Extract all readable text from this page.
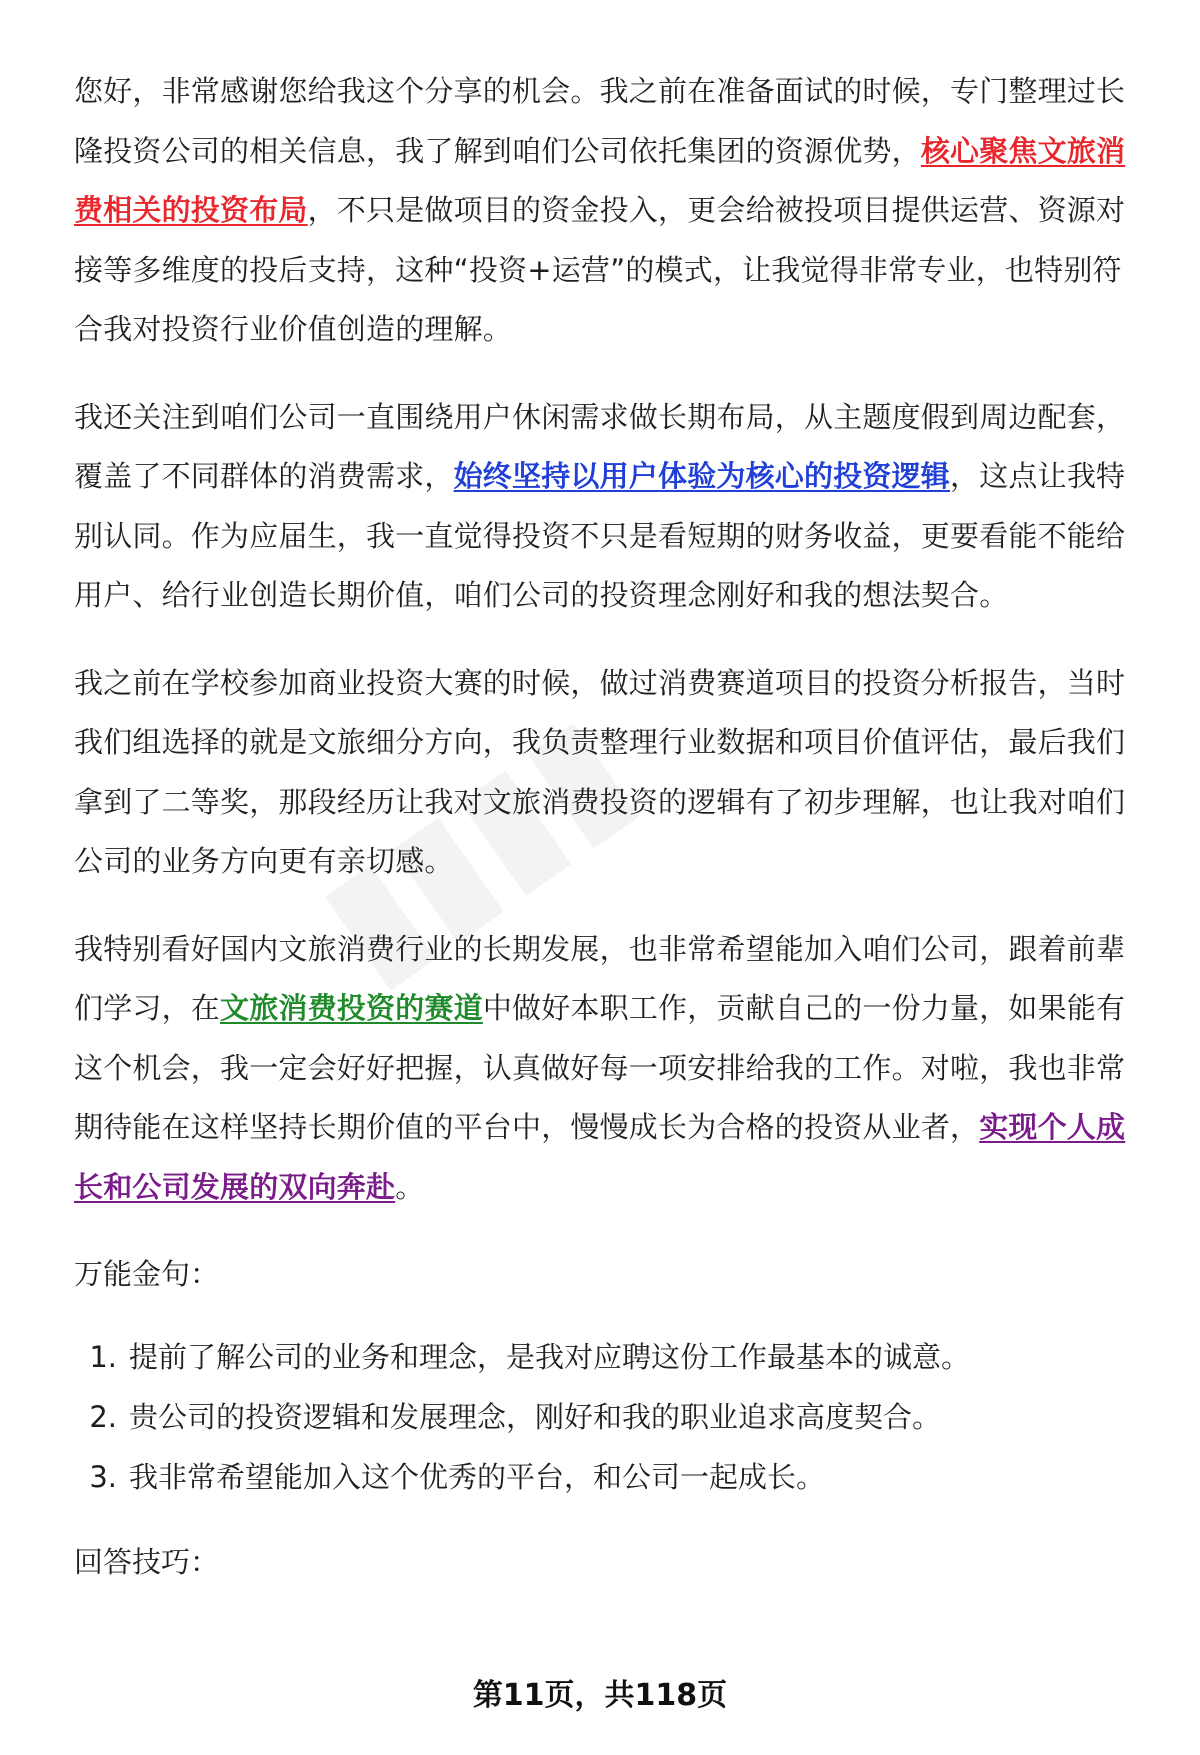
您好，非常感谢您给我这个分享的机会。我之前在准备面试的时候，专门整理过长隆投资公司的相关信息，我了解到咱们公司依托集团的资源优势，核心聚焦文旅消费相关的投资布局，不只是做项目的资金投入，更会给被投项目提供运营、资源对接等多维度的投后支持，这种“投资+运营”的模式，让我觉得非常专业，也特别符合我对投资行业价值创造的理解。

我还关注到咱们公司一直围绕用户休闲需求做长期布局，从主题度假到周边配套，覆盖了不同群体的消费需求，始终坚持以用户体验为核心的投资逻辑，这点让我特别认同。作为应届生，我一直觉得投资不只是看短期的财务收益，更要看能不能给用户、给行业创造长期价值，咱们公司的投资理念刚好和我的想法契合。

我之前在学校参加商业投资大赛的时候，做过消费赛道项目的投资分析报告，当时我们组选择的就是文旅细分方向，我负责整理行业数据和项目价值评估，最后我们拿到了二等奖，那段经历让我对文旅消费投资的逻辑有了初步理解，也让我对咱们公司的业务方向更有亲切感。

我特别看好国内文旅消费行业的长期发展，也非常希望能加入咱们公司，跟着前辈们学习，在文旅消费投资的赛道中做好本职工作，贡献自己的一份力量，如果能有这个机会，我一定会好好把握，认真做好每一项安排给我的工作。对啦，我也非常期待能在这样坚持长期价值的平台中，慢慢成长为合格的投资从业者，实现个人成长和公司发展的双向奔赴。

万能金句：
1. 提前了解公司的业务和理念，是我对应聘这份工作最基本的诚意。
2. 贵公司的投资逻辑和发展理念，刚好和我的职业追求高度契合。
3. 我非常希望能加入这个优秀的平台，和公司一起成长。
回答技巧：
第11页，共118页
